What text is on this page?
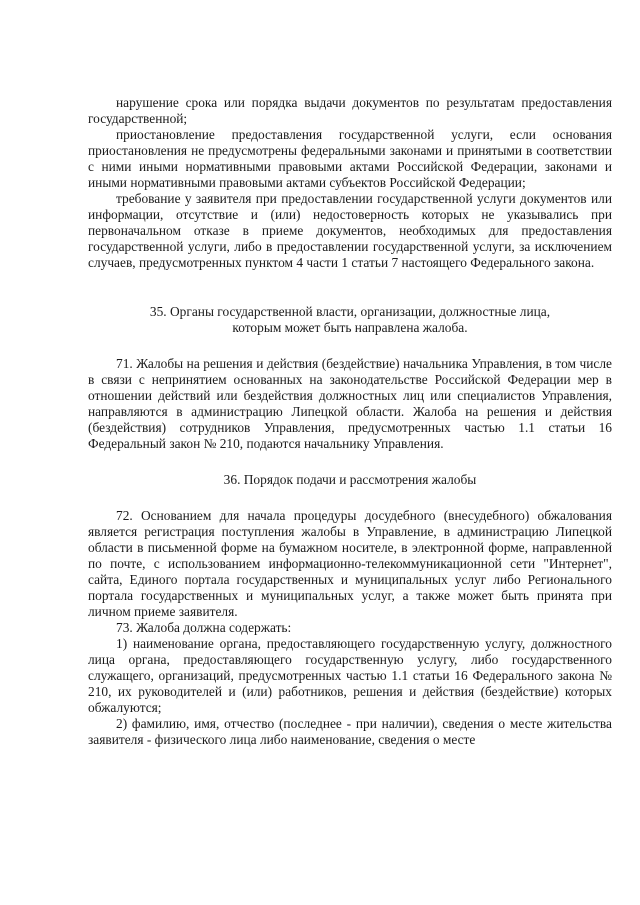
нарушение срока или порядка выдачи документов по результатам предоставления государственной;

приостановление предоставления государственной услуги, если основания приостановления не предусмотрены федеральными законами и принятыми в соответствии с ними иными нормативными правовыми актами Российской Федерации, законами и иными нормативными правовыми актами субъектов Российской Федерации;

требование у заявителя при предоставлении государственной услуги документов или информации, отсутствие и (или) недостоверность которых не указывались при первоначальном отказе в приеме документов, необходимых для предоставления государственной услуги, либо в предоставлении государственной услуги, за исключением случаев, предусмотренных пунктом 4 части 1 статьи 7 настоящего Федерального закона.

35. Органы государственной власти, организации, должностные лица,
которым может быть направлена жалоба.

71. Жалобы на решения и действия (бездействие) начальника Управления, в том числе в связи с непринятием основанных на законодательстве Российской Федерации мер в отношении действий или бездействия должностных лиц или специалистов Управления, направляются в администрацию Липецкой области. Жалоба на решения и действия (бездействия) сотрудников Управления, предусмотренных частью 1.1 статьи 16 Федеральный закон № 210, подаются начальнику Управления.

36. Порядок подачи и рассмотрения жалобы

72. Основанием для начала процедуры досудебного (внесудебного) обжалования является регистрация поступления жалобы в Управление, в администрацию Липецкой области в письменной форме на бумажном носителе, в электронной форме, направленной по почте, с использованием информационно-телекоммуникационной сети "Интернет", сайта, Единого портала государственных и муниципальных услуг либо Регионального портала государственных и муниципальных услуг, а также может быть принята при личном приеме заявителя.

73. Жалоба должна содержать:

1) наименование органа, предоставляющего государственную услугу, должностного лица органа, предоставляющего государственную услугу, либо государственного служащего, организаций, предусмотренных частью 1.1 статьи 16 Федерального закона № 210, их руководителей и (или) работников, решения и действия (бездействие) которых обжалуются;

2) фамилию, имя, отчество (последнее - при наличии), сведения о месте жительства заявителя - физического лица либо наименование, сведения о месте
